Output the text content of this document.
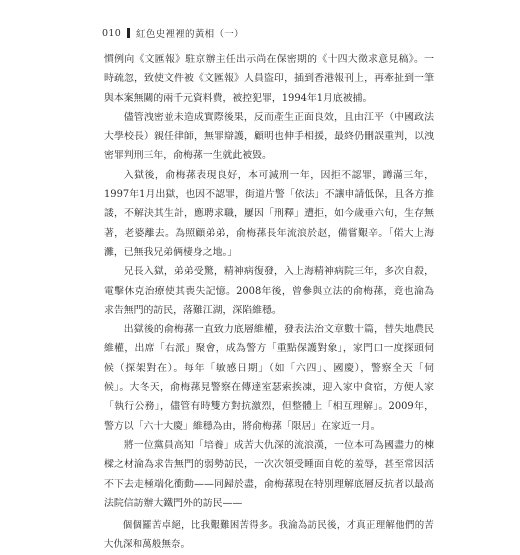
010 紅色史裡裡的黃相（一）

慣例向《文匯報》駐京辦主任出示尚在保密期的《十四大徵求意見稿》。一時疏忽，致使文件被《文匯報》人員盜印，插到香港報刊上，再牽扯到一筆與本案無關的兩千元資料費，被控犯罪，1994年1月底被捕。

儘管洩密並未造成實際後果，反而產生正面良效，且由江平（中國政法大學校長）親任律師，無罪辯護，顧明也伸手相援，最終仍刪誤重判，以洩密罪判刑三年，俞梅蓀一生就此被毀。

入獄後，俞梅蓀表現良好，本可減刑一年，因拒不認罪，蹲滿三年，1997年1月出獄，也因不認罪，街道片警「依法」不讓申請低保，且各方推諉，不解決其生計，應聘求職，屢因「刑釋」遭拒，如今歲垂六旬，生存無著，老婆離去。為照顧弟弟，俞梅蓀長年流浪於赵，備嘗艱辛。「偌大上海灘，已無我兄弟俩棲身之地。」

兄長入獄，弟弟受驚，精神病復發，入上海精神病院三年，多次自殺，電擊休克治療使其喪失記憶。2008年後，曾參與立法的俞梅蓀，竟也淪為求告無門的訪民，落難江湖，深陷維穩。

出獄後的俞梅蓀一直致力底層維權，發表法治文章數十篇，替失地農民維權，出席「右派」聚會，成為警方「重點保護對象」，家門口一度探頭伺候（探架對在）。每年「敏感日期」（如「六四」、國慶），警察全天「伺候」。大冬天，俞梅蓀見警察在傳達室瑟索挨凍，迎入家中食宿，方便人家「執行公務」，儘管有時雙方對抗激烈，但整體上「相互理解」。2009年，警方以「六十大慶」維穩為由，將俞梅蓀「限居」在家近一月。

將一位黨員高知「培養」成苦大仇深的流浪漢，一位本可為國盡力的棟樑之材淪為求告無門的弱勢訪民，一次次領受睡面自乾的羞辱，甚至常因活不下去走極端化衝動——同歸於盡，俞梅蓀現在特別理解底層反抗者以最高法院信訪辦大鐵門外的訪民——

個個羅苦卓絕，比我艱難困苦得多。我淪為訪民後，才真正理解他們的苦大仇深和萬般無奈。
